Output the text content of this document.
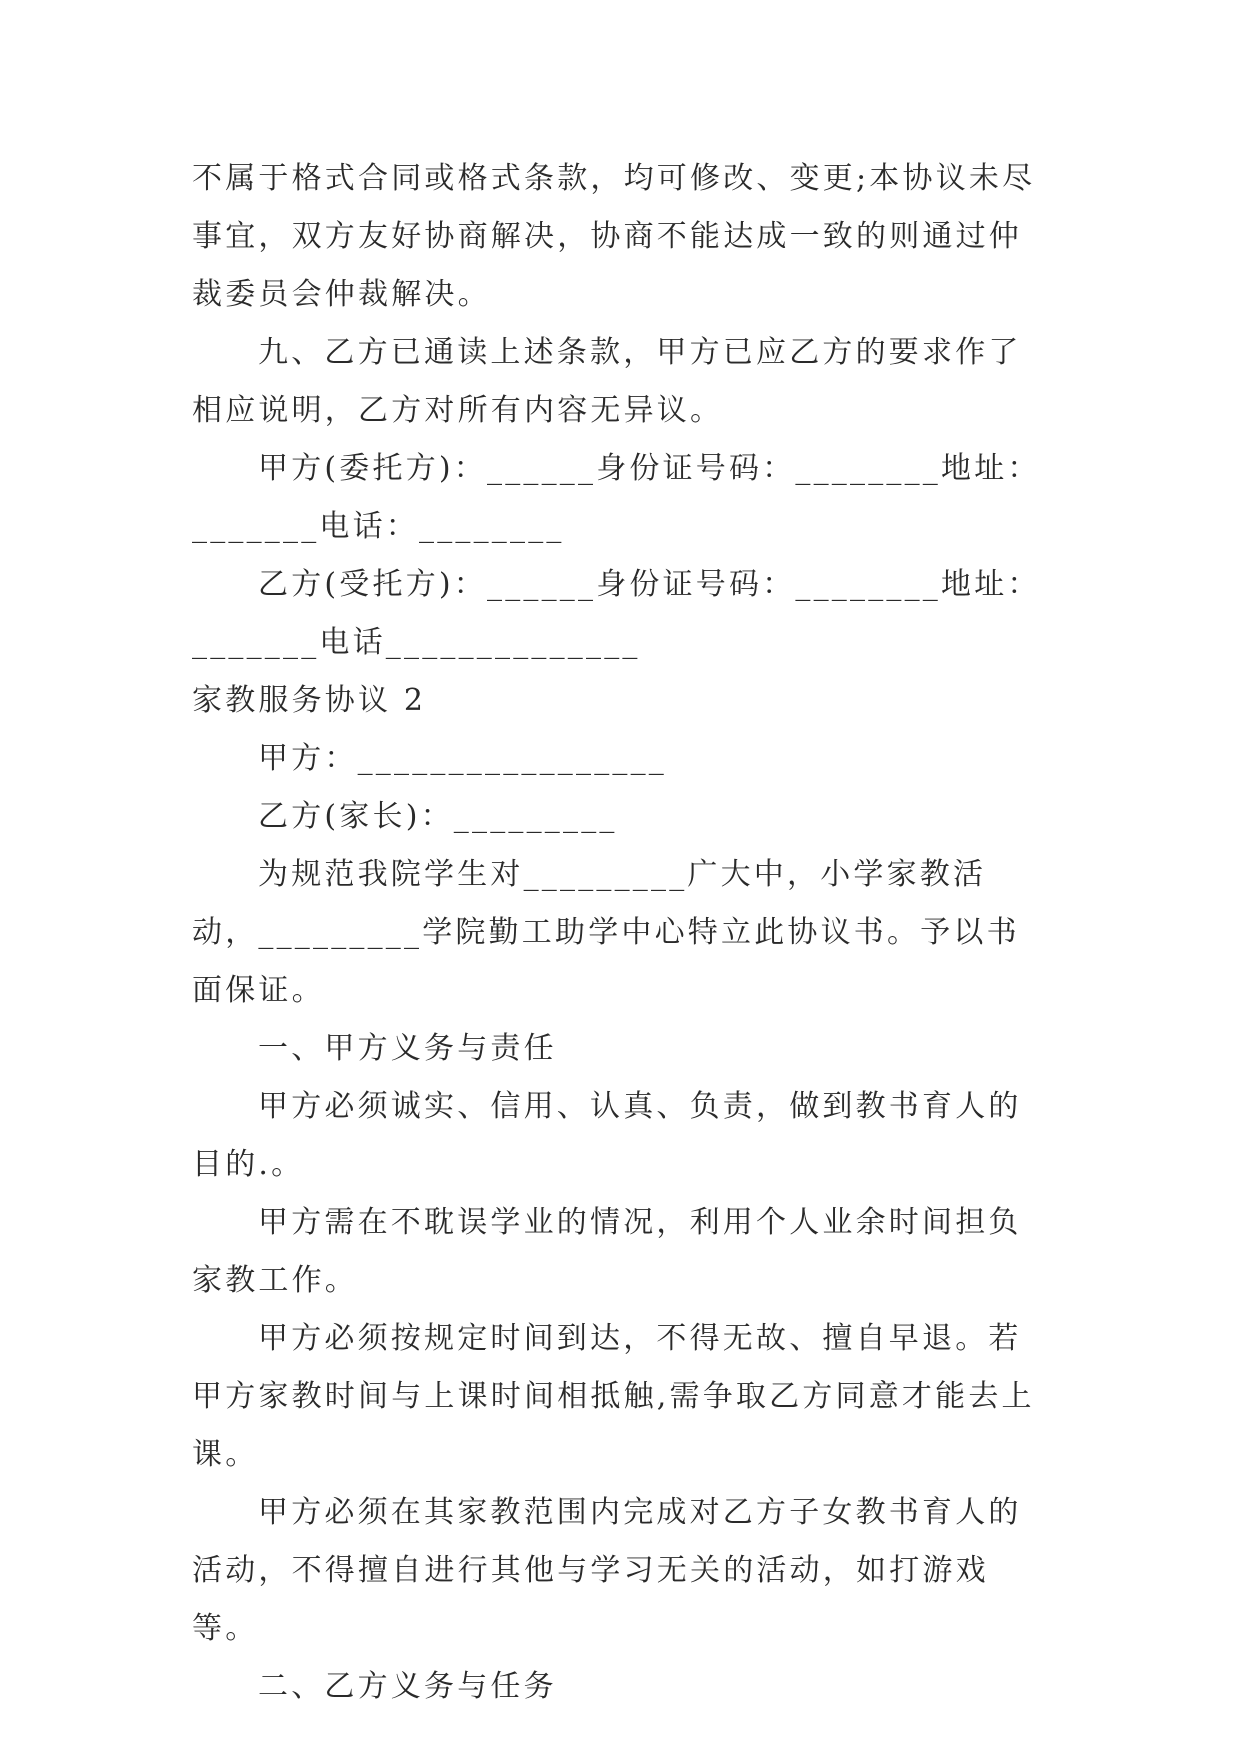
不属于格式合同或格式条款，均可修改、变更;本协议未尽事宜，双方友好协商解决，协商不能达成一致的则通过仲裁委员会仲裁解决。

九、乙方已通读上述条款，甲方已应乙方的要求作了相应说明，乙方对所有内容无异议。

甲方(委托方)：______身份证号码：________地址：_______电话：________

乙方(受托方)：______身份证号码：________地址：_______电话______________

家教服务协议 2

甲方：_________________

乙方(家长)：_________

为规范我院学生对_________广大中，小学家教活动，_________学院勤工助学中心特立此协议书。予以书面保证。

一、甲方义务与责任

甲方必须诚实、信用、认真、负责，做到教书育人的目的.。

甲方需在不耽误学业的情况，利用个人业余时间担负家教工作。

甲方必须按规定时间到达，不得无故、擅自早退。若甲方家教时间与上课时间相抵触,需争取乙方同意才能去上课。

甲方必须在其家教范围内完成对乙方子女教书育人的活动，不得擅自进行其他与学习无关的活动，如打游戏等。

二、乙方义务与任务
